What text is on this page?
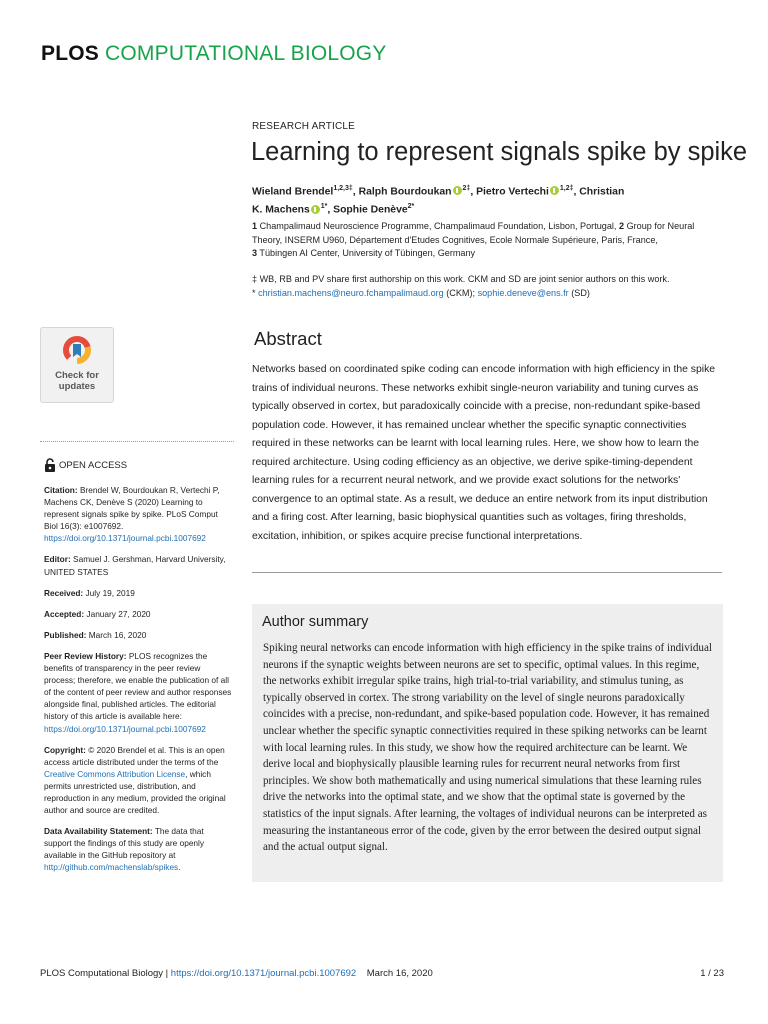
PLOS COMPUTATIONAL BIOLOGY
RESEARCH ARTICLE
Learning to represent signals spike by spike
Wieland Brendel$^{1,2,3\ddagger}$, Ralph Bourdoukan $^{2\ddagger}$, Pietro Vertechi $^{1,2\ddagger}$, Christian
K. Machens $^{1*}$, Sophie Denève$^{2*}$
1 Champalimaud Neuroscience Programme, Champalimaud Foundation, Lisbon, Portugal, 2 Group for Neural Theory, INSERM U960, Département d'Etudes Cognitives, Ecole Normale Supérieure, Paris, France,
3 Tübingen AI Center, University of Tübingen, Germany
‡ WB, RB and PV share first authorship on this work. CKM and SD are joint senior authors on this work.
* christian.machens@neuro.fchampalimaud.org (CKM); sophie.deneve@ens.fr (SD)
Check for
updates
OPEN ACCESS
Citation: Brendel W, Bourdoukan R, Vertechi P, Machens CK, Denève S (2020) Learning to represent signals spike by spike. PLoS Comput Biol 16(3): e1007692. https://doi.org/10.1371/journal.pcbi.1007692
Editor: Samuel J. Gershman, Harvard University, UNITED STATES
Received: July 19, 2019
Accepted: January 27, 2020
Published: March 16, 2020
Peer Review History: PLOS recognizes the benefits of transparency in the peer review process; therefore, we enable the publication of all of the content of peer review and author responses alongside final, published articles. The editorial history of this article is available here: https://doi.org/10.1371/journal.pcbi.1007692
Copyright: © 2020 Brendel et al. This is an open access article distributed under the terms of the Creative Commons Attribution License, which permits unrestricted use, distribution, and reproduction in any medium, provided the original author and source are credited.
Data Availability Statement: The data that support the findings of this study are openly available in the GitHub repository at http://github.com/machenslab/spikes.
Abstract
Networks based on coordinated spike coding can encode information with high efficiency in the spike trains of individual neurons. These networks exhibit single-neuron variability and tuning curves as typically observed in cortex, but paradoxically coincide with a precise, non-redundant spike-based population code. However, it has remained unclear whether the specific synaptic connectivities required in these networks can be learnt with local learning rules. Here, we show how to learn the required architecture. Using coding efficiency as an objective, we derive spike-timing-dependent learning rules for a recurrent neural network, and we provide exact solutions for the networks' convergence to an optimal state. As a result, we deduce an entire network from its input distribution and a firing cost. After learning, basic biophysical quantities such as voltages, firing thresholds, excitation, inhibition, or spikes acquire precise functional interpretations.
Author summary
Spiking neural networks can encode information with high efficiency in the spike trains of individual neurons if the synaptic weights between neurons are set to specific, optimal values. In this regime, the networks exhibit irregular spike trains, high trial-to-trial variability, and stimulus tuning, as typically observed in cortex. The strong variability on the level of single neurons paradoxically coincides with a precise, non-redundant, and spike-based population code. However, it has remained unclear whether the specific synaptic connectivities required in these spiking networks can be learnt with local learning rules. In this study, we show how the required architecture can be learnt. We derive local and biophysically plausible learning rules for recurrent neural networks from first principles. We show both mathematically and using numerical simulations that these learning rules drive the networks into the optimal state, and we show that the optimal state is governed by the statistics of the input signals. After learning, the voltages of individual neurons can be interpreted as measuring the instantaneous error of the code, given by the error between the desired output signal and the actual output signal.
PLOS Computational Biology | https://doi.org/10.1371/journal.pcbi.1007692 March 16, 2020	1 / 23
